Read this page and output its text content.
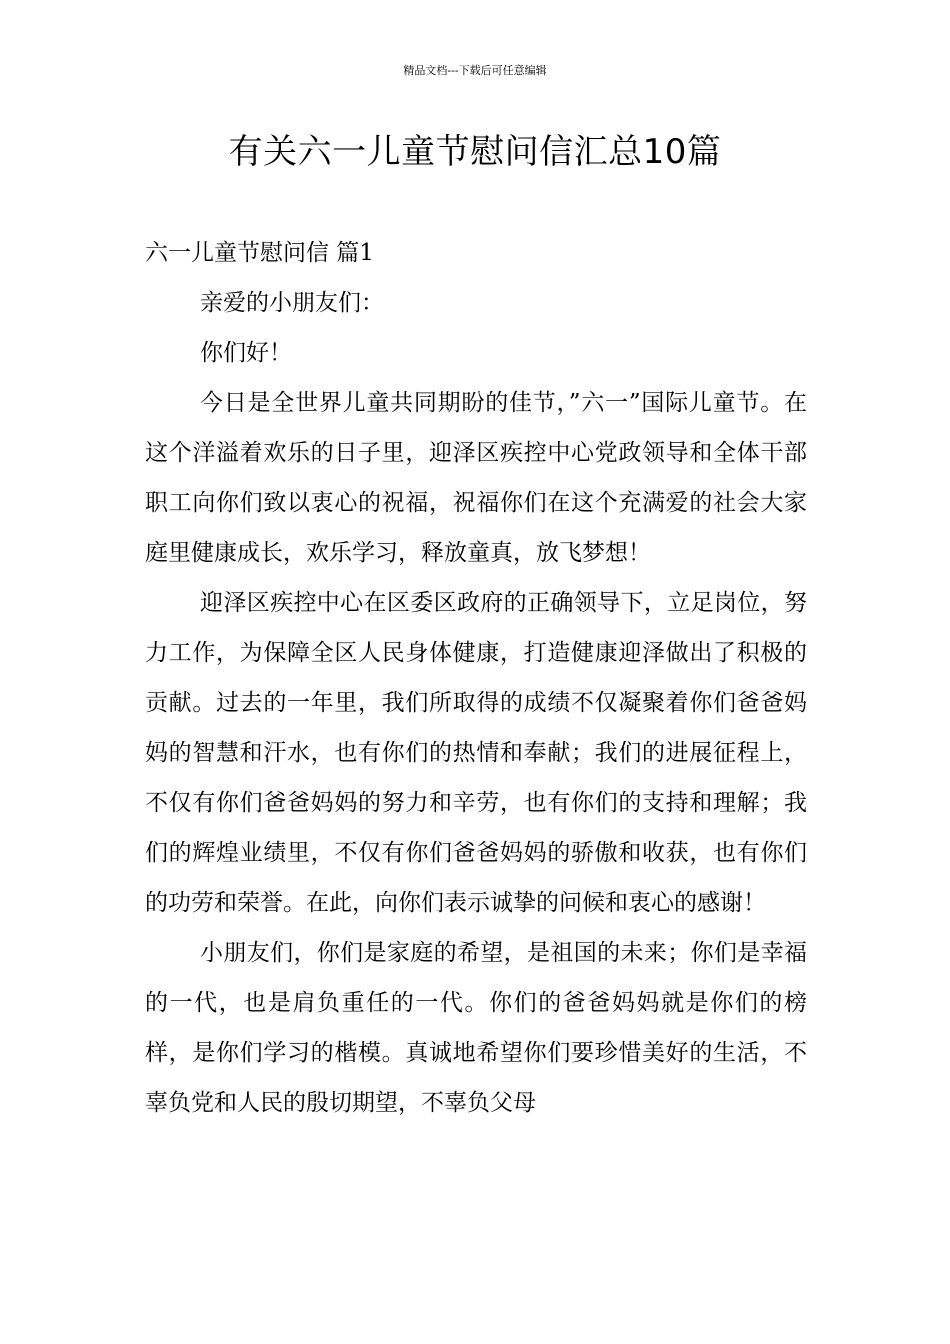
精品文档---下载后可任意编辑
有关六一儿童节慰问信汇总10篇

六一儿童节慰问信 篇1

亲爱的小朋友们：

你们好！

今日是全世界儿童共同期盼的佳节，”六一”国际儿童节。在这个洋溢着欢乐的日子里，迎泽区疾控中心党政领导和全体干部职工向你们致以衷心的祝福，祝福你们在这个充满爱的社会大家庭里健康成长，欢乐学习，释放童真，放飞梦想！

迎泽区疾控中心在区委区政府的正确领导下，立足岗位，努力工作，为保障全区人民身体健康，打造健康迎泽做出了积极的贡献。过去的一年里，我们所取得的成绩不仅凝聚着你们爸爸妈妈的智慧和汗水，也有你们的热情和奉献；我们的进展征程上，不仅有你们爸爸妈妈的努力和辛劳，也有你们的支持和理解；我们的辉煌业绩里，不仅有你们爸爸妈妈的骄傲和收获，也有你们的功劳和荣誉。在此，向你们表示诚挚的问候和衷心的感谢！

小朋友们，你们是家庭的希望，是祖国的未来；你们是幸福的一代，也是肩负重任的一代。你们的爸爸妈妈就是你们的榜样，是你们学习的楷模。真诚地希望你们要珍惜美好的生活，不辜负党和人民的殷切期望，不辜负父母
